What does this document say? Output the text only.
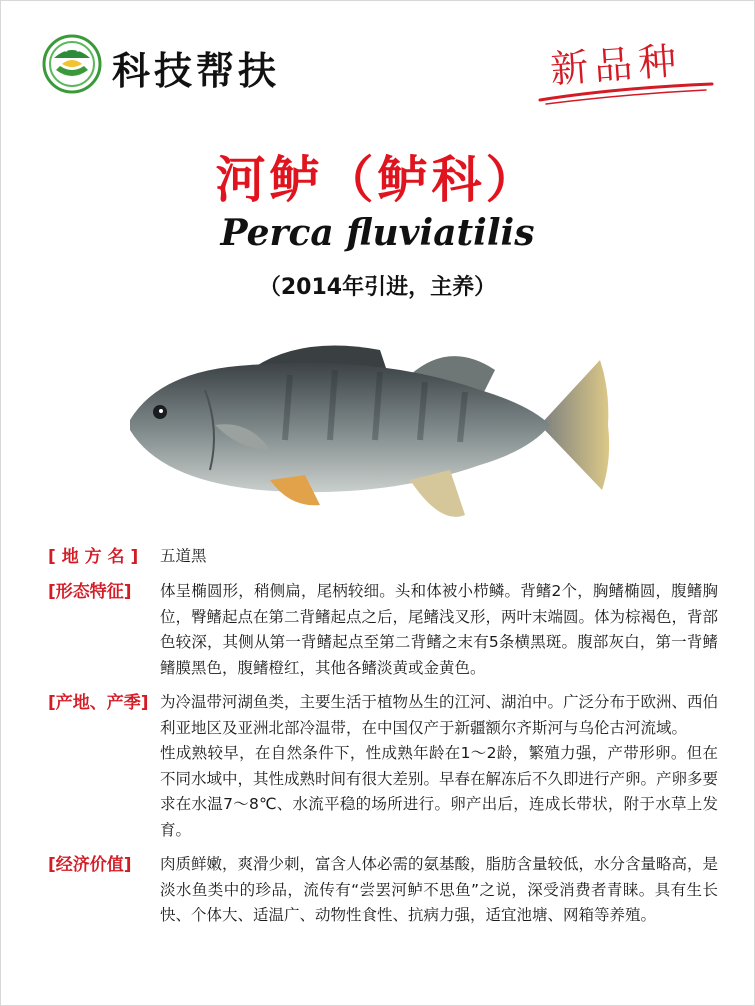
科技帮扶	新品种
河鲈（鲈科）
Perca fluviatilis
（2014年引进，主养）
[ 地 方 名 ]	五道黑

[形态特征]	体呈椭圆形，稍侧扁，尾柄较细。头和体被小栉鳞。背鳍2个，胸鳍椭圆，腹鳍胸位，臀鳍起点在第二背鳍起点之后，尾鳍浅叉形，两叶末端圆。体为棕褐色，背部色较深，其侧从第一背鳍起点至第二背鳍之末有5条横黑斑。腹部灰白，第一背鳍鳍膜黑色，腹鳍橙红，其他各鳍淡黄或金黄色。

[产地、产季] 为冷温带河湖鱼类，主要生活于植物丛生的江河、湖泊中。广泛分布于欧洲、西伯利亚地区及亚洲北部冷温带，在中国仅产于新疆额尔齐斯河与乌伦古河流域。

性成熟较早，在自然条件下，性成熟年龄在1～2龄，繁殖力强，产带形卵。但在不同水域中，其性成熟时间有很大差别。早春在解冻后不久即进行产卵。产卵多要求在水温7～8℃、水流平稳的场所进行。卵产出后，连成长带状，附于水草上发育。

[经济价值]	肉质鲜嫩，爽滑少刺，富含人体必需的氨基酸，脂肪含量较低，水分含量略高，是淡水鱼类中的珍品，流传有“尝罢河鲈不思鱼”之说，深受消费者青睐。具有生长快、个体大、适温广、动物性食性、抗病力强，适宜池塘、网箱等养殖。
